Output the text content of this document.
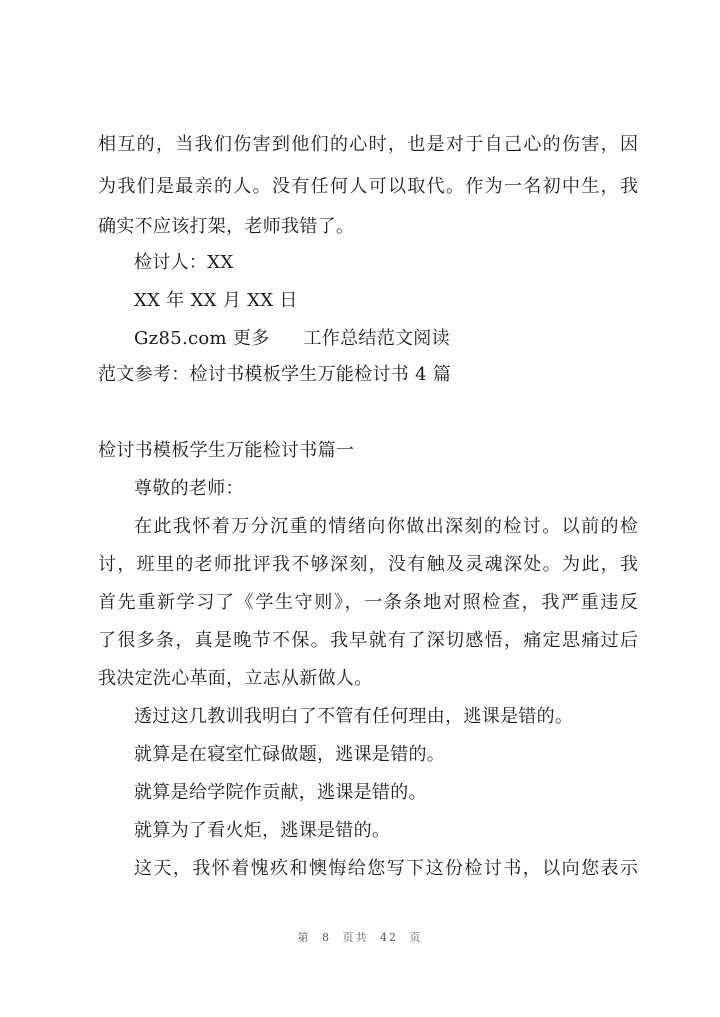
相互的，当我们伤害到他们的心时，也是对于自己心的伤害，因
为我们是最亲的人。没有任何人可以取代。作为一名初中生，我
确实不应该打架，老师我错了。
检讨人：XX
XX 年 XX 月 XX 日
Gz85.com 更多 工作总结范文阅读
范文参考：检讨书模板学生万能检讨书 4 篇
检讨书模板学生万能检讨书篇一
尊敬的老师：
在此我怀着万分沉重的情绪向你做出深刻的检讨。以前的检
讨，班里的老师批评我不够深刻，没有触及灵魂深处。为此，我
首先重新学习了《学生守则》，一条条地对照检查，我严重违反
了很多条，真是晚节不保。我早就有了深切感悟，痛定思痛过后
我决定洗心革面，立志从新做人。
透过这几教训我明白了不管有任何理由，逃课是错的。
就算是在寝室忙碌做题，逃课是错的。
就算是给学院作贡献，逃课是错的。
就算为了看火炬，逃课是错的。
这天，我怀着愧疚和懊悔给您写下这份检讨书，以向您表示
第 8 页共 42 页
